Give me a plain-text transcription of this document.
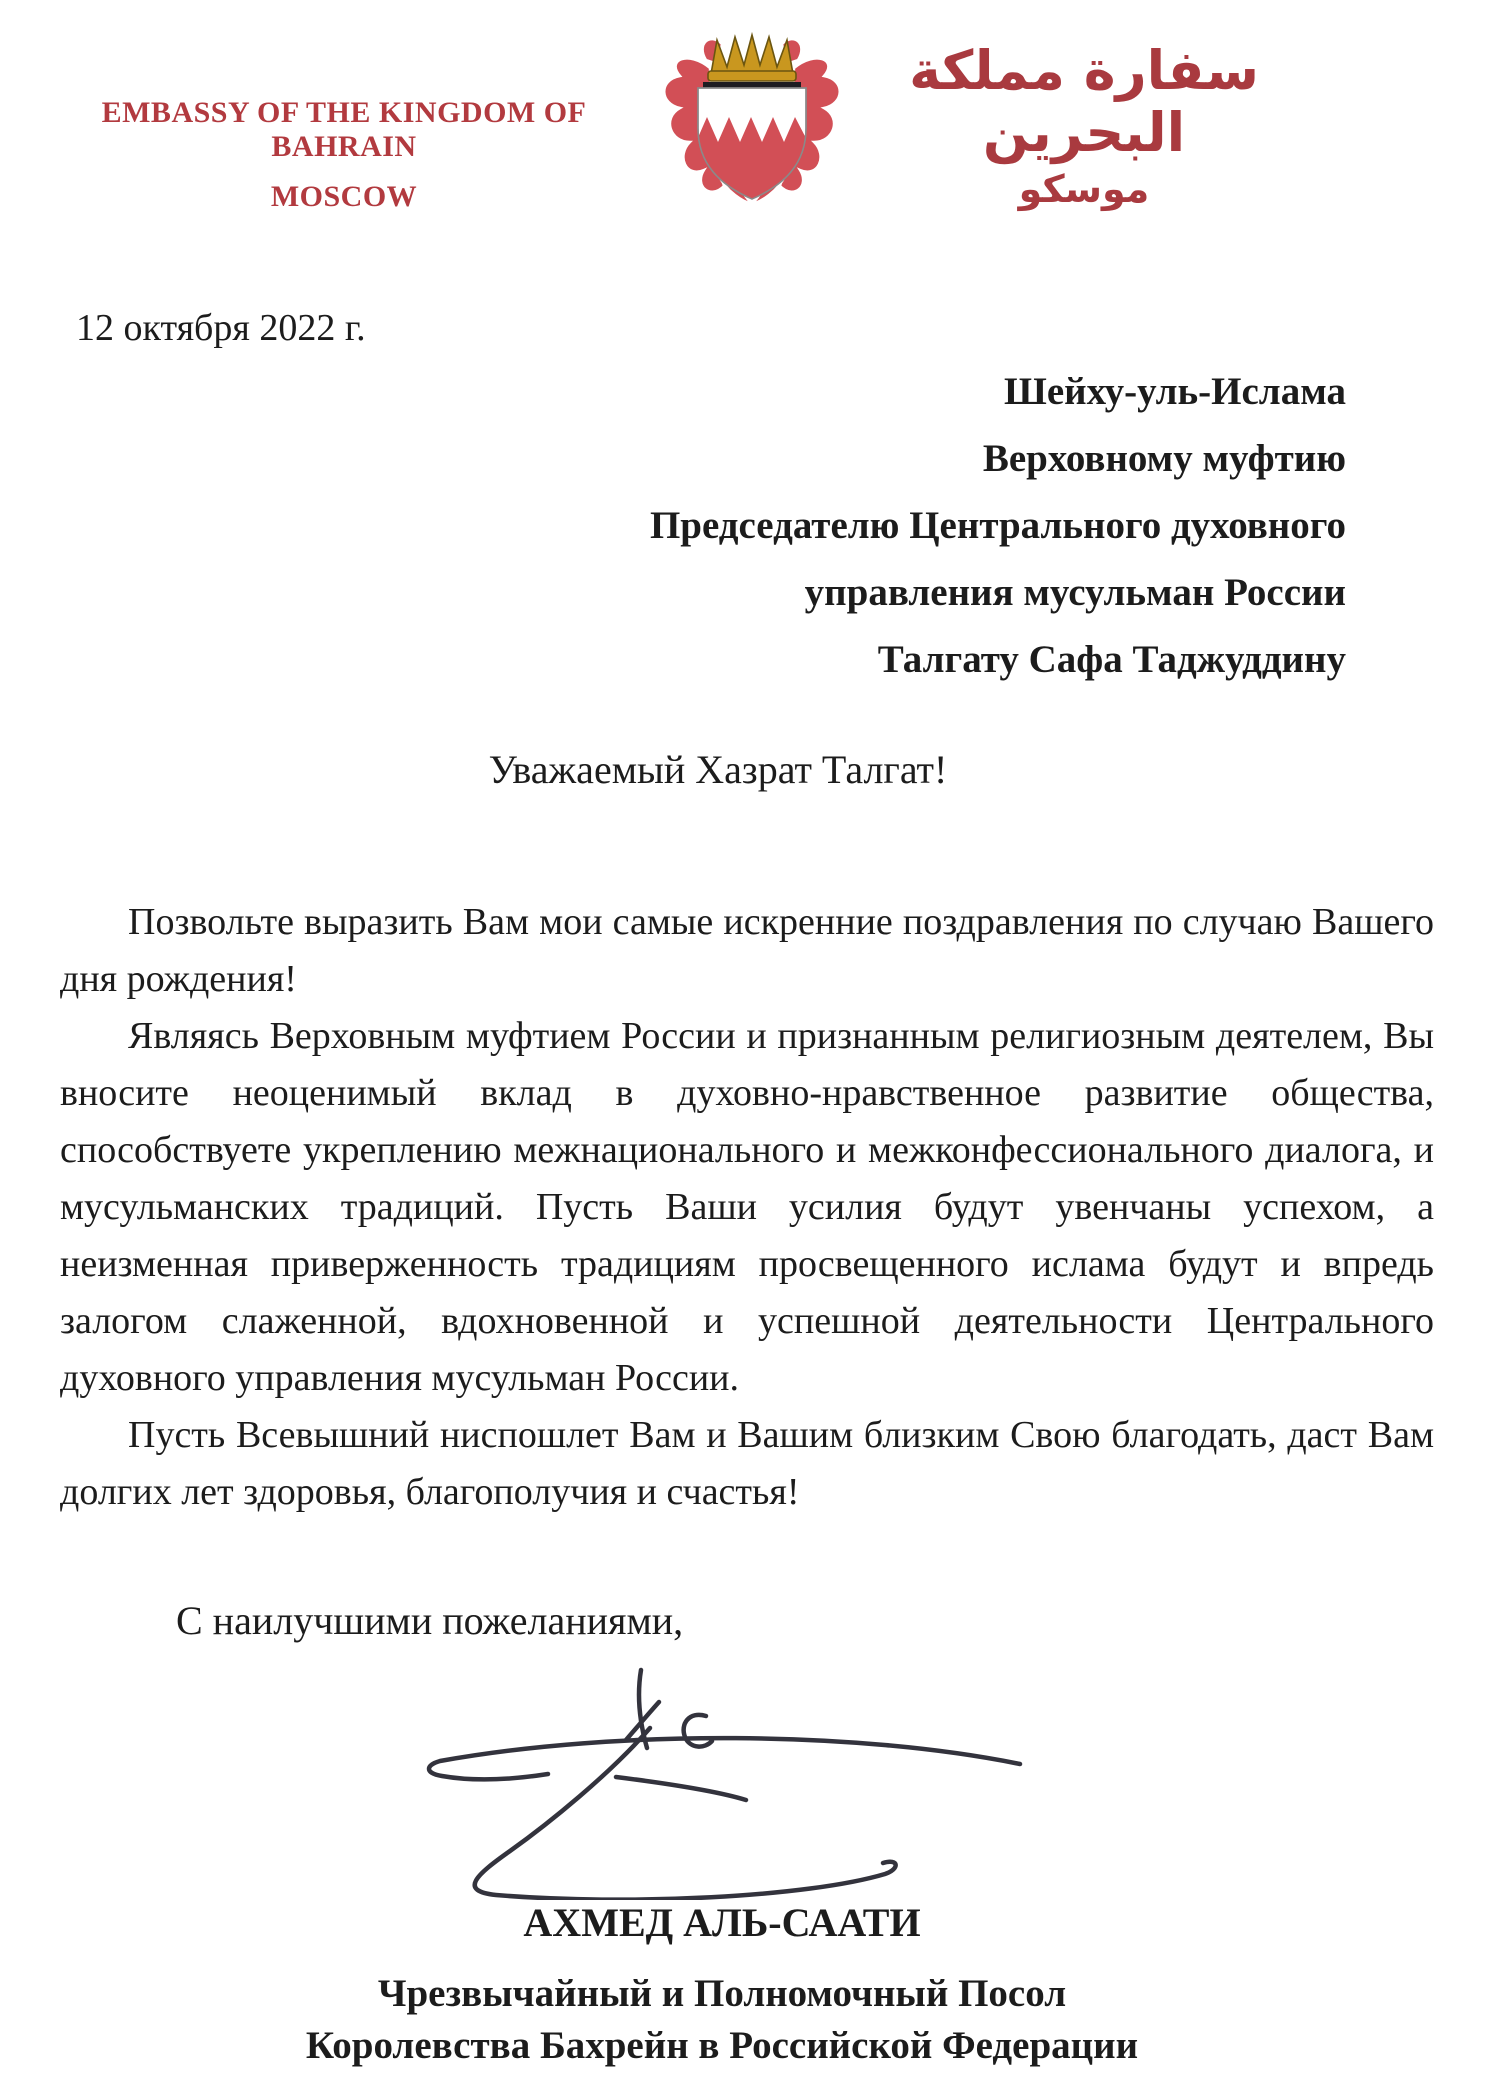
EMBASSY OF THE KINGDOM OF BAHRAIN
MOSCOW
سفارة مملكة البحرين
موسكو
12 октября 2022 г.
Шейху-уль-Ислама
Верховному муфтию
Председателю Центрального духовного
управления мусульман России
Талгату Сафа Таджуддину
Уважаемый Хазрат Талгат!

Позвольте выразить Вам мои самые искренние поздравления по случаю Вашего дня рождения!

Являясь Верховным муфтием России и признанным религиозным деятелем, Вы вносите неоценимый вклад в духовно-нравственное развитие общества, способствуете укреплению межнационального и межконфессионального диалога, и мусульманских традиций. Пусть Ваши усилия будут увенчаны успехом, а неизменная приверженность традициям просвещенного ислама будут и впредь залогом слаженной, вдохновенной и успешной деятельности Центрального духовного управления мусульман России.

Пусть Всевышний ниспошлет Вам и Вашим близким Свою благодать, даст Вам долгих лет здоровья, благополучия и счастья!

С наилучшими пожеланиями,
АХМЕД АЛЬ-СААТИ
Чрезвычайный и Полномочный Посол
Королевства Бахрейн в Российской Федерации
